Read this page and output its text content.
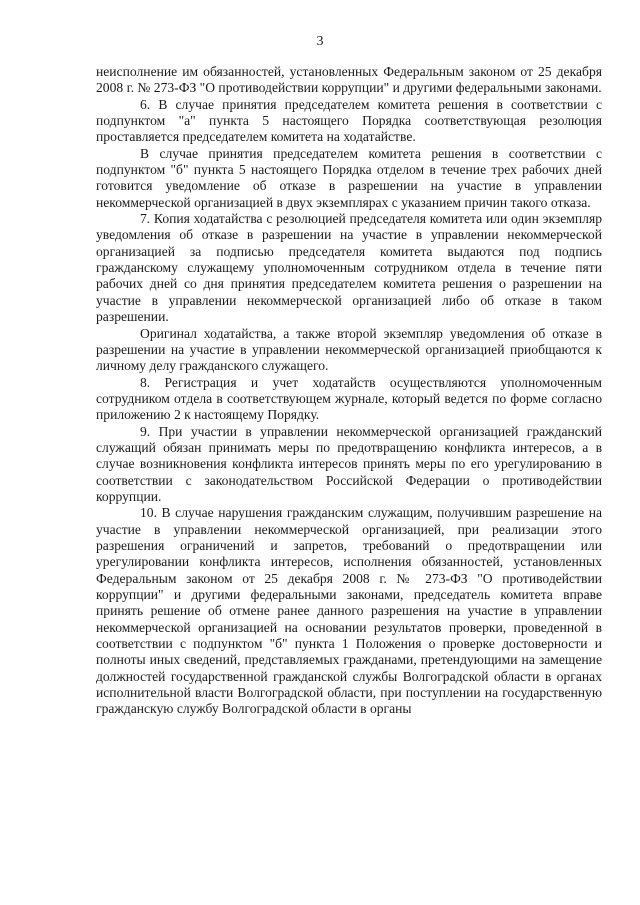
3

неисполнение им обязанностей, установленных Федеральным законом от 25 декабря 2008 г. № 273-ФЗ "О противодействии коррупции" и другими федеральными законами.

6. В случае принятия председателем комитета решения в соответствии с подпунктом "а" пункта 5 настоящего Порядка соответствующая резолюция проставляется председателем комитета на ходатайстве.

В случае принятия председателем комитета решения в соответствии с подпунктом "б" пункта 5 настоящего Порядка отделом в течение трех рабочих дней готовится уведомление об отказе в разрешении на участие в управлении некоммерческой организацией в двух экземплярах с указанием причин такого отказа.

7. Копия ходатайства с резолюцией председателя комитета или один экземпляр уведомления об отказе в разрешении на участие в управлении некоммерческой организацией за подписью председателя комитета выдаются под подпись гражданскому служащему уполномоченным сотрудником отдела в течение пяти рабочих дней со дня принятия председателем комитета решения о разрешении на участие в управлении некоммерческой организацией либо об отказе в таком разрешении.

Оригинал ходатайства, а также второй экземпляр уведомления об отказе в разрешении на участие в управлении некоммерческой организацией приобщаются к личному делу гражданского служащего.

8. Регистрация и учет ходатайств осуществляются уполномоченным сотрудником отдела в соответствующем журнале, который ведется по форме согласно приложению 2 к настоящему Порядку.

9. При участии в управлении некоммерческой организацией гражданский служащий обязан принимать меры по предотвращению конфликта интересов, а в случае возникновения конфликта интересов принять меры по его урегулированию в соответствии с законодательством Российской Федерации о противодействии коррупции.

10. В случае нарушения гражданским служащим, получившим разрешение на участие в управлении некоммерческой организацией, при реализации этого разрешения ограничений и запретов, требований о предотвращении или урегулировании конфликта интересов, исполнения обязанностей, установленных Федеральным законом от 25 декабря 2008 г. № 273-ФЗ "О противодействии коррупции" и другими федеральными законами, председатель комитета вправе принять решение об отмене ранее данного разрешения на участие в управлении некоммерческой организацией на основании результатов проверки, проведенной в соответствии с подпунктом "б" пункта 1 Положения о проверке достоверности и полноты иных сведений, представляемых гражданами, претендующими на замещение должностей государственной гражданской службы Волгоградской области в органах исполнительной власти Волгоградской области, при поступлении на государственную гражданскую службу Волгоградской области в органы
